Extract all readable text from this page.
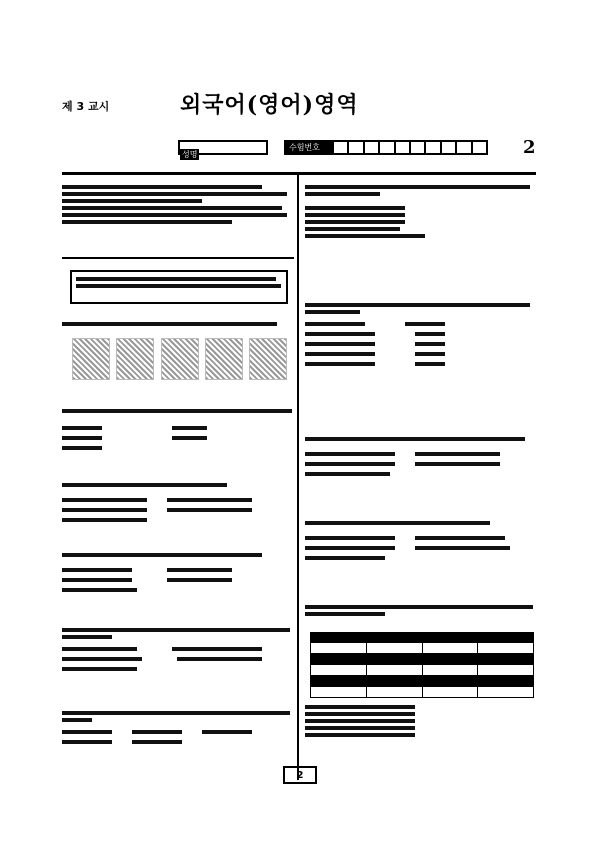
제 3 교시	외국어(영어)영역
2
성명
수험번호

2
